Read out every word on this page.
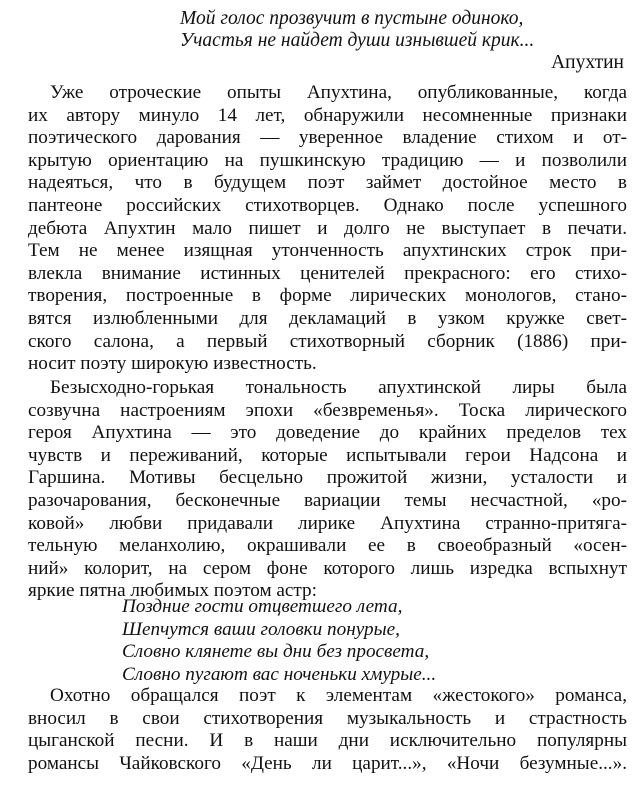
Мой голос прозвучит в пустыне одиноко,
Участья не найдет души изнывшей крик...
Апухтин
Уже отроческие опыты Апухтина, опубликованные, когда
их автору минуло 14 лет, обнаружили несомненные признаки
поэтического дарования — уверенное владение стихом и от-
крытую ориентацию на пушкинскую традицию — и позволили
надеяться, что в будущем поэт займет достойное место в
пантеоне российских стихотворцев. Однако после успешного
дебюта Апухтин мало пишет и долго не выступает в печати.
Тем не менее изящная утонченность апухтинских строк при-
влекла внимание истинных ценителей прекрасного: его стихо-
творения, построенные в форме лирических монологов, стано-
вятся излюбленными для декламаций в узком кружке свет-
ского салона, а первый стихотворный сборник (1886) при-
носит поэту широкую известность.
Безысходно-горькая тональность апухтинской лиры была
созвучна настроениям эпохи «безвременья». Тоска лирического
героя Апухтина — это доведение до крайних пределов тех
чувств и переживаний, которые испытывали герои Надсона и
Гаршина. Мотивы бесцельно прожитой жизни, усталости и
разочарования, бесконечные вариации темы несчастной, «ро-
ковой» любви придавали лирике Апухтина странно-притяга-
тельную меланхолию, окрашивали ее в своеобразный «осен-
ний» колорит, на сером фоне которого лишь изредка вспыхнут
яркие пятна любимых поэтом астр:
Поздние гости отцветшего лета,
Шепчутся ваши головки понурые,
Словно клянете вы дни без просвета,
Словно пугают вас ноченьки хмурые...
Охотно обращался поэт к элементам «жестокого» романса,
вносил в свои стихотворения музыкальность и страстность
цыганской песни. И в наши дни исключительно популярны
романсы Чайковского «День ли царит...», «Ночи безумные...».
